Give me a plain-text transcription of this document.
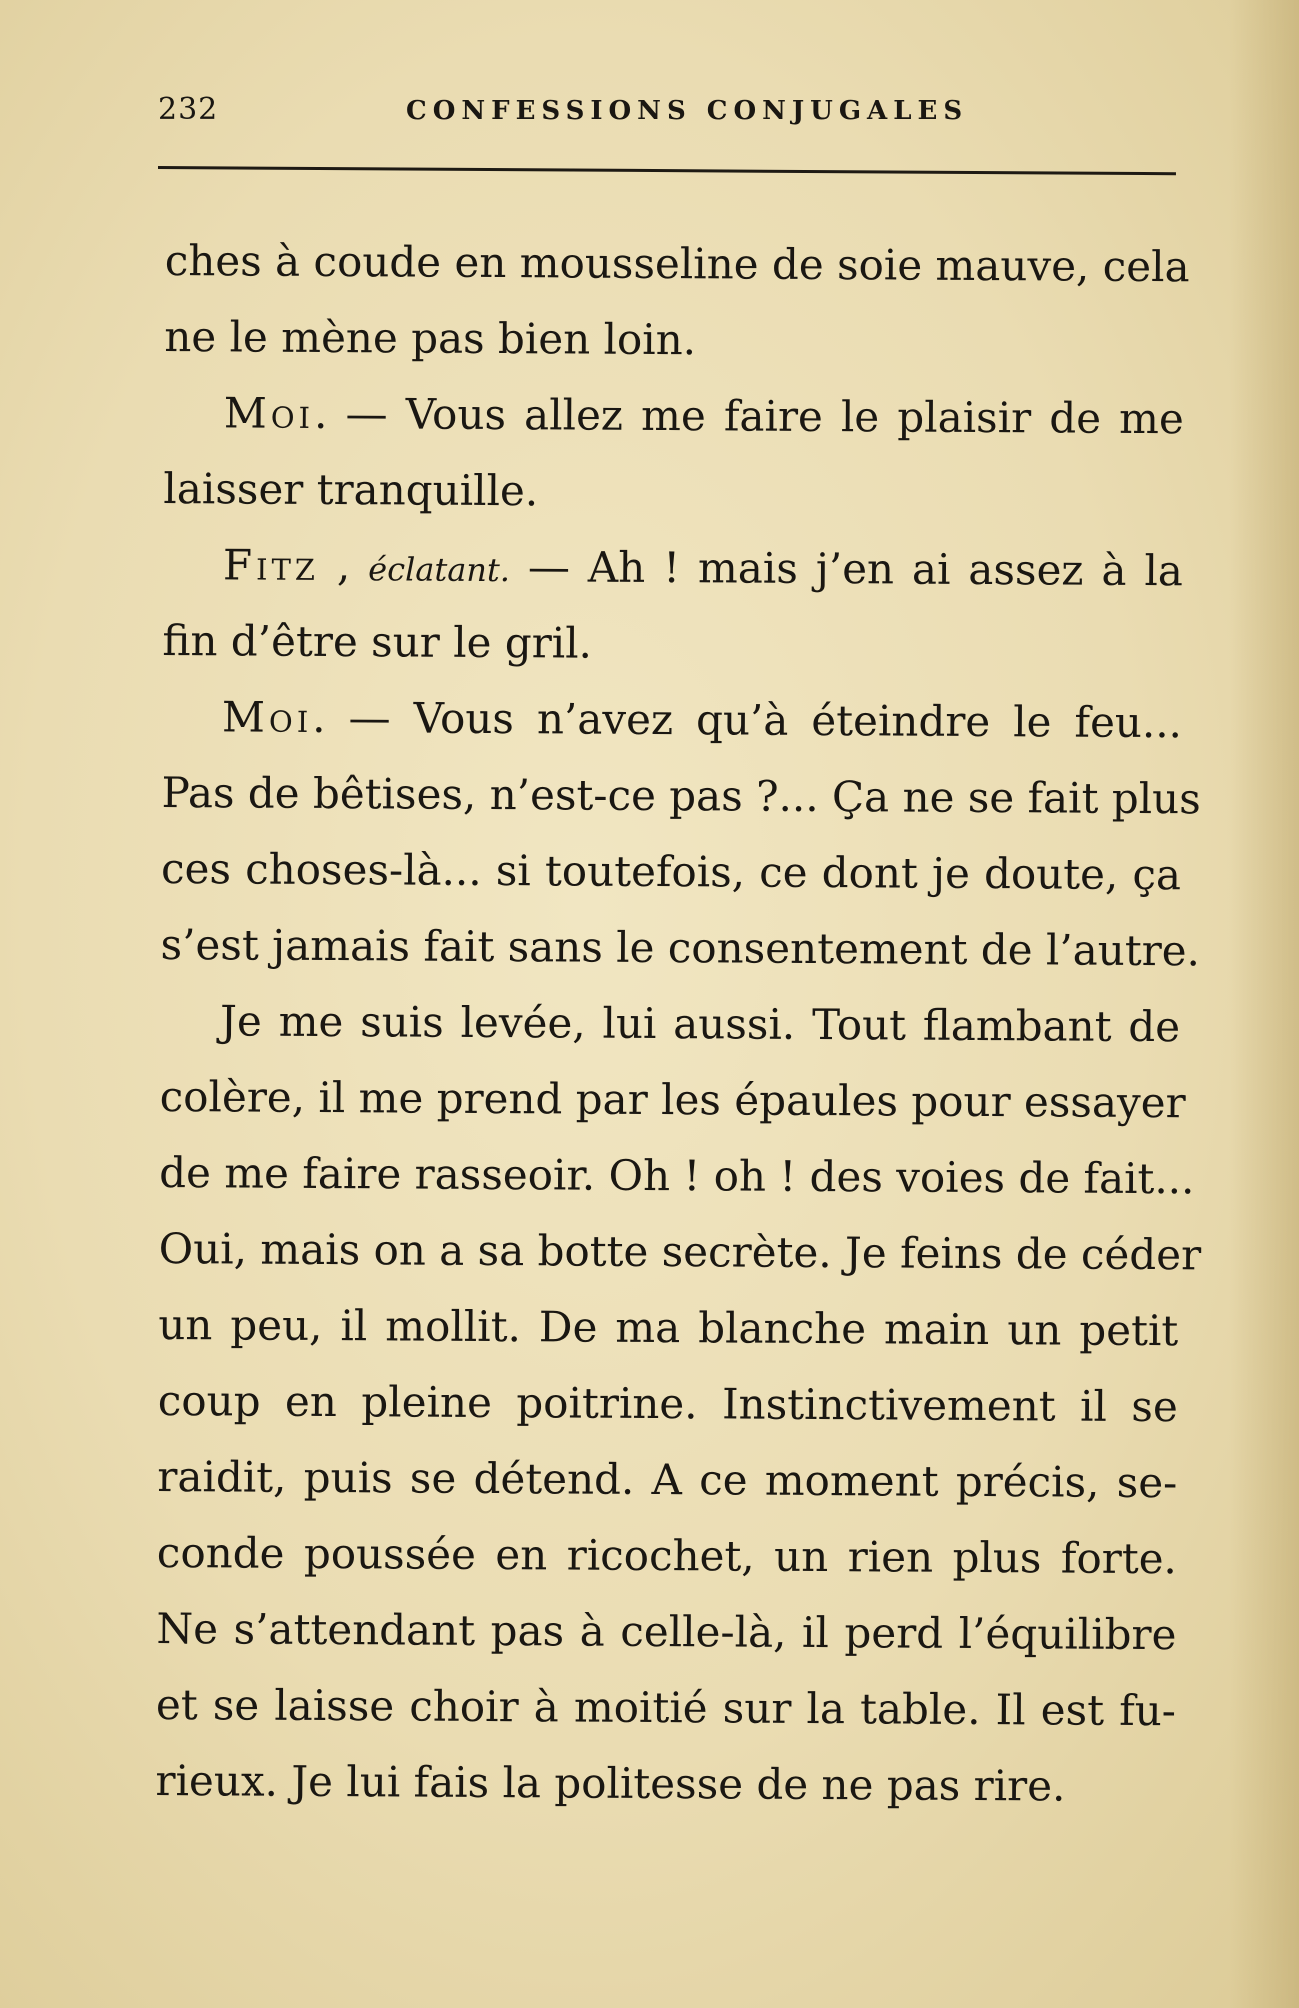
232	CONFESSIONS CONJUGALES
ches à coude en mousseline de soie mauve, cela
ne le mène pas bien loin.
Moi. — Vous allez me faire le plaisir de me
laisser tranquille.
Fitz , éclatant. — Ah ! mais j’en ai assez à la
fin d’être sur le gril.
Moi. — Vous n’avez qu’à éteindre le feu...
Pas de bêtises, n’est-ce pas ?... Ça ne se fait plus
ces choses-là... si toutefois, ce dont je doute, ça
s’est jamais fait sans le consentement de l’autre.
Je me suis levée, lui aussi. Tout flambant de
colère, il me prend par les épaules pour essayer
de me faire rasseoir. Oh ! oh ! des voies de fait...
Oui, mais on a sa botte secrète. Je feins de céder
un peu, il mollit. De ma blanche main un petit
coup en pleine poitrine. Instinctivement il se
raidit, puis se détend. A ce moment précis, se-
conde poussée en ricochet, un rien plus forte.
Ne s’attendant pas à celle-là, il perd l’équilibre
et se laisse choir à moitié sur la table. Il est fu-
rieux. Je lui fais la politesse de ne pas rire.
